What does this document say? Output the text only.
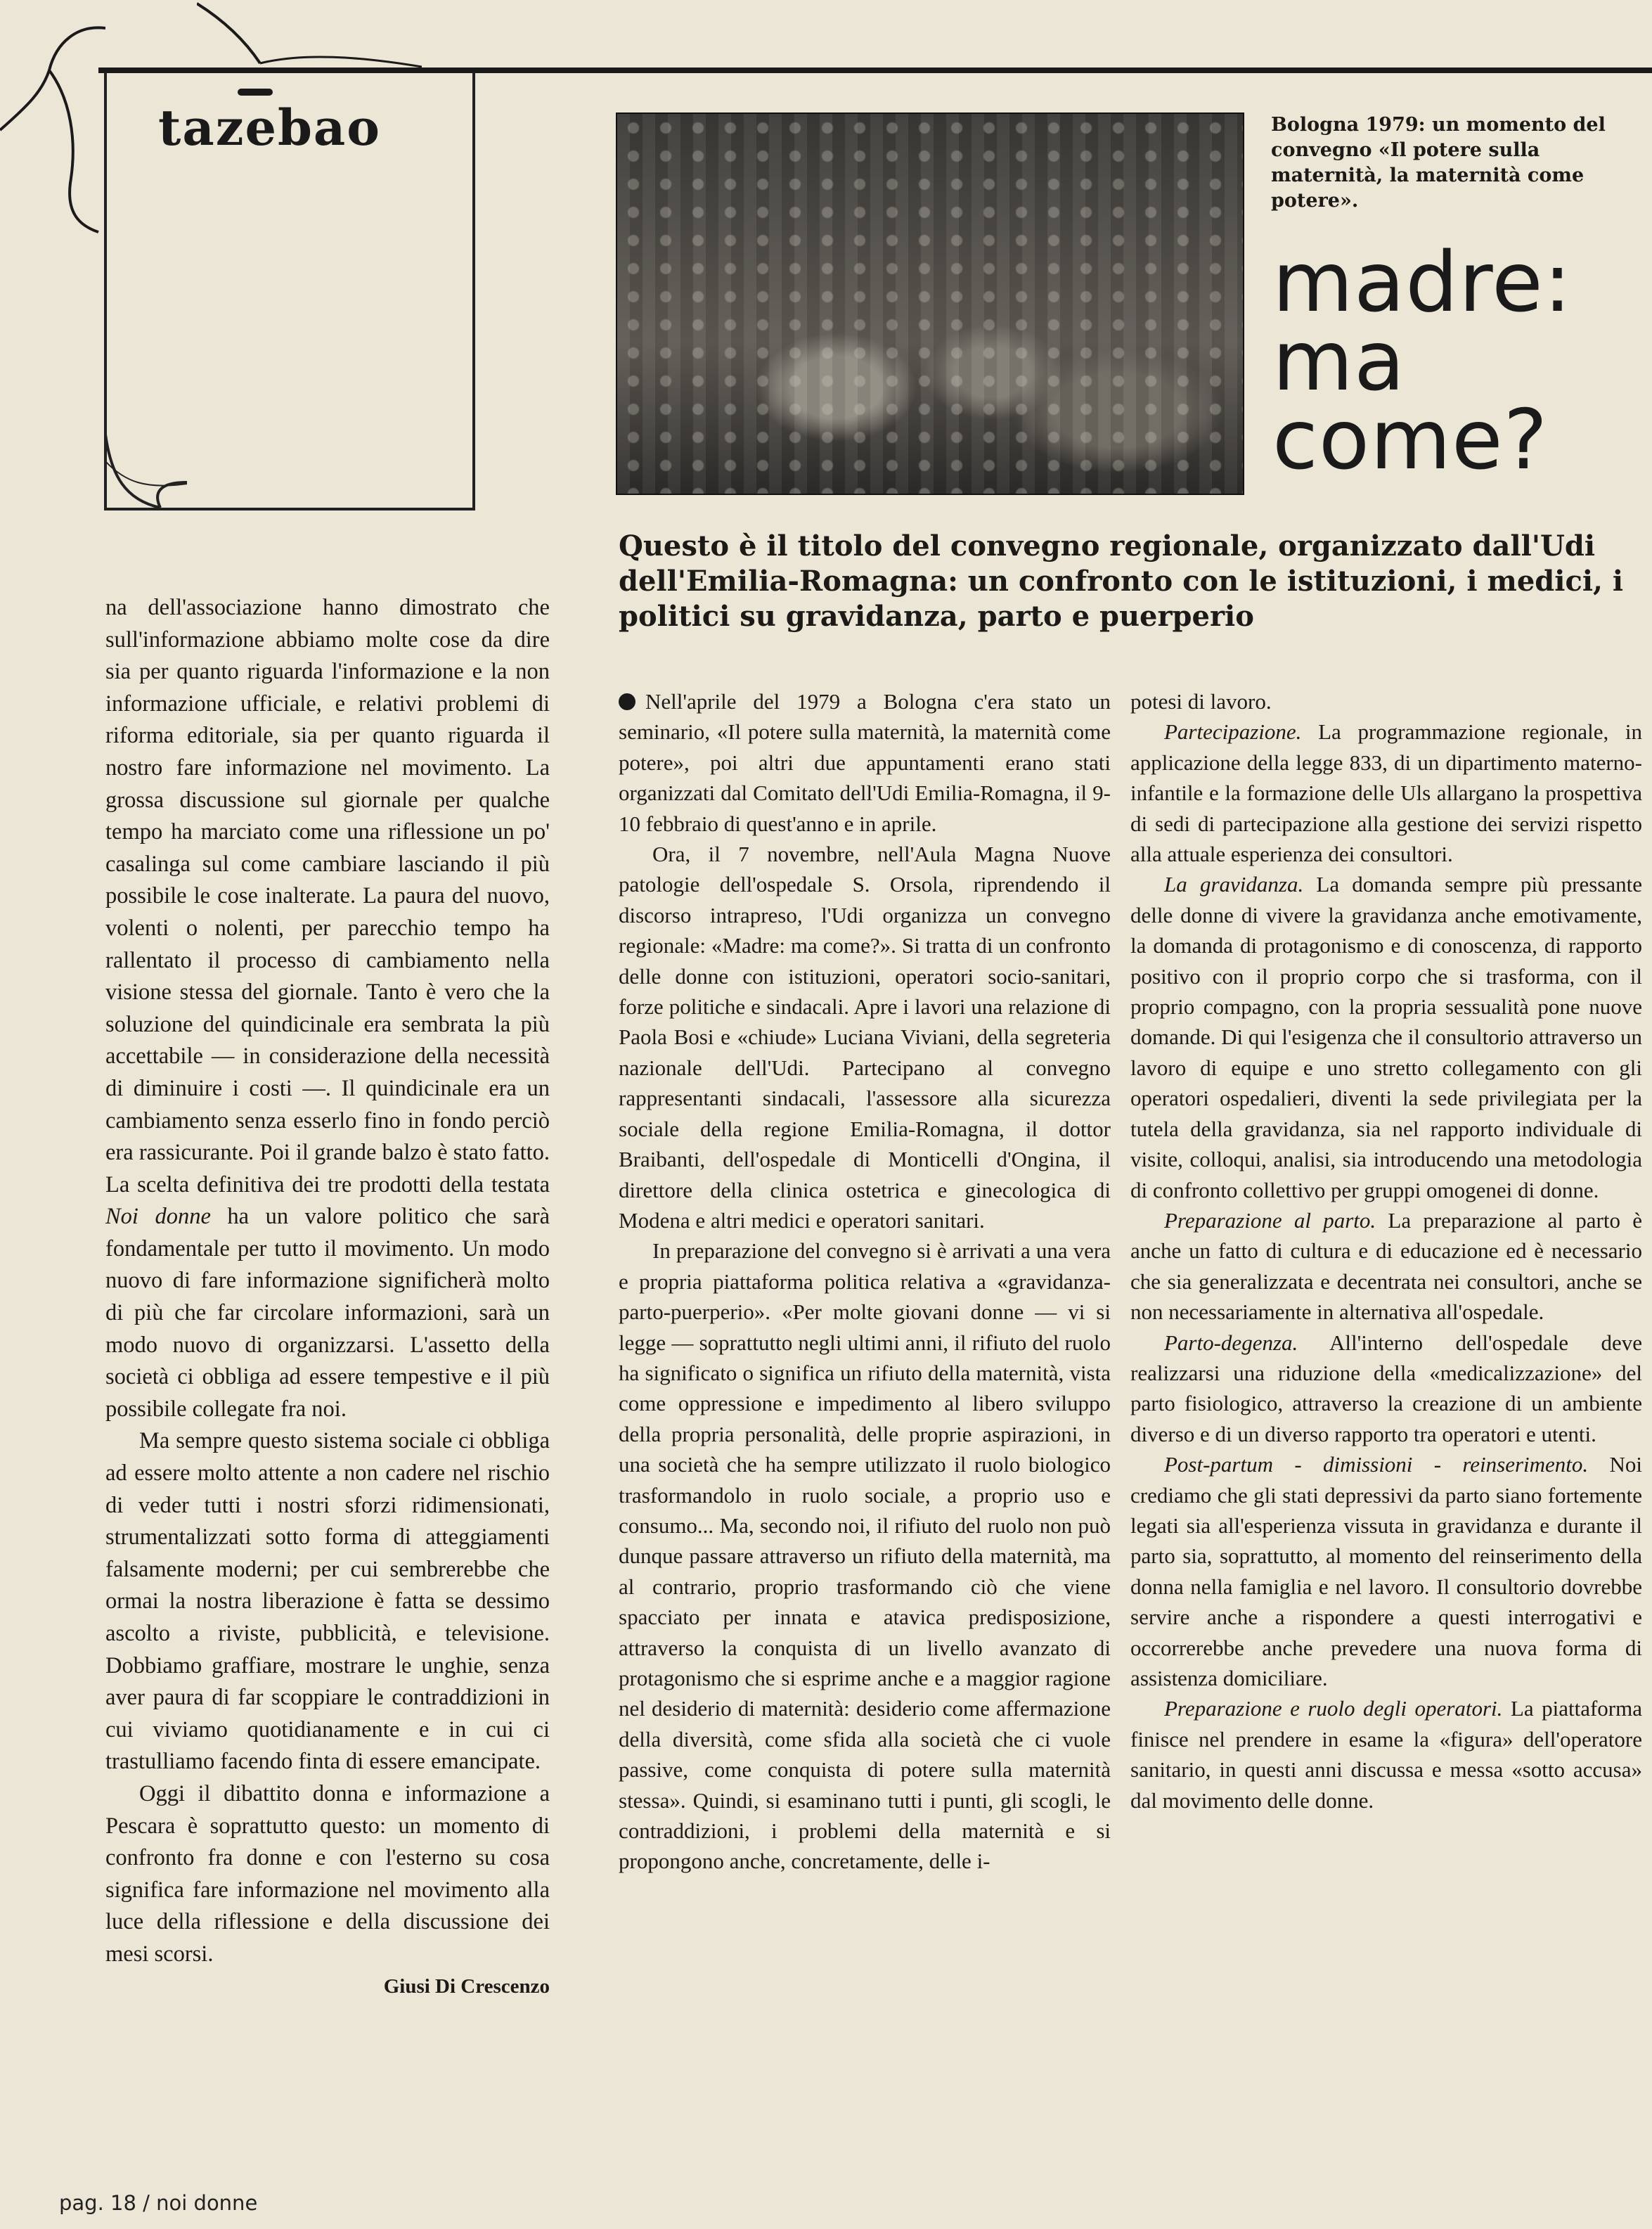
tazebao	Bologna 1979: un momento del convegno «Il potere sulla maternità, la maternità come potere».
madre:
ma
come?
Questo è il titolo del convegno regionale, organizzato dall'Udi dell'Emilia-Romagna: un confronto con le istituzioni, i medici, i politici su gravidanza, parto e puerperio

na dell'associazione hanno dimostrato che sull'informazione abbiamo molte cose da dire sia per quanto riguarda l'informazione e la non informazione ufficiale, e relativi problemi di riforma editoriale, sia per quanto riguarda il nostro fare informazione nel movimento. La grossa discussione sul giornale per qualche tempo ha marciato come una riflessione un po' casalinga sul come cambiare lasciando il più possibile le cose inalterate. La paura del nuovo, volenti o nolenti, per parecchio tempo ha rallentato il processo di cambiamento nella visione stessa del giornale. Tanto è vero che la soluzione del quindicinale era sembrata la più accettabile — in considerazione della necessità di diminuire i costi —. Il quindicinale era un cambiamento senza esserlo fino in fondo perciò era rassicurante. Poi il grande balzo è stato fatto. La scelta definitiva dei tre prodotti della testata Noi donne ha un valore politico che sarà fondamentale per tutto il movimento. Un modo nuovo di fare informazione significherà molto di più che far circolare informazioni, sarà un modo nuovo di organizzarsi. L'assetto della società ci obbliga ad essere tempestive e il più possibile collegate fra noi.

Ma sempre questo sistema sociale ci obbliga ad essere molto attente a non cadere nel rischio di veder tutti i nostri sforzi ridimensionati, strumentalizzati sotto forma di atteggiamenti falsamente moderni; per cui sembrerebbe che ormai la nostra liberazione è fatta se dessimo ascolto a riviste, pubblicità, e televisione. Dobbiamo graffiare, mostrare le unghie, senza aver paura di far scoppiare le contraddizioni in cui viviamo quotidianamente e in cui ci trastulliamo facendo finta di essere emancipate.

Oggi il dibattito donna e informazione a Pescara è soprattutto questo: un momento di confronto fra donne e con l'esterno su cosa significa fare informazione nel movimento alla luce della riflessione e della discussione dei mesi scorsi.

Giusi Di Crescenzo

Nell'aprile del 1979 a Bologna c'era stato un seminario, «Il potere sulla maternità, la maternità come potere», poi altri due appuntamenti erano stati organizzati dal Comitato dell'Udi Emilia-Romagna, il 9-10 febbraio di quest'anno e in aprile.

Ora, il 7 novembre, nell'Aula Magna Nuove patologie dell'ospedale S. Orsola, riprendendo il discorso intrapreso, l'Udi organizza un convegno regionale: «Madre: ma come?». Si tratta di un confronto delle donne con istituzioni, operatori socio-sanitari, forze politiche e sindacali. Apre i lavori una relazione di Paola Bosi e «chiude» Luciana Viviani, della segreteria nazionale dell'Udi. Partecipano al convegno rappresentanti sindacali, l'assessore alla sicurezza sociale della regione Emilia-Romagna, il dottor Braibanti, dell'ospedale di Monticelli d'Ongina, il direttore della clinica ostetrica e ginecologica di Modena e altri medici e operatori sanitari.

In preparazione del convegno si è arrivati a una vera e propria piattaforma politica relativa a «gravidanza-parto-puerperio». «Per molte giovani donne — vi si legge — soprattutto negli ultimi anni, il rifiuto del ruolo ha significato o significa un rifiuto della maternità, vista come oppressione e impedimento al libero sviluppo della propria personalità, delle proprie aspirazioni, in una società che ha sempre utilizzato il ruolo biologico trasformandolo in ruolo sociale, a proprio uso e consumo... Ma, secondo noi, il rifiuto del ruolo non può dunque passare attraverso un rifiuto della maternità, ma al contrario, proprio trasformando ciò che viene spacciato per innata e atavica predisposizione, attraverso la conquista di un livello avanzato di protagonismo che si esprime anche e a maggior ragione nel desiderio di maternità: desiderio come affermazione della diversità, come sfida alla società che ci vuole passive, come conquista di potere sulla maternità stessa». Quindi, si esaminano tutti i punti, gli scogli, le contraddizioni, i problemi della maternità e si propongono anche, concretamente, delle i-

potesi di lavoro.

Partecipazione. La programmazione regionale, in applicazione della legge 833, di un dipartimento materno-infantile e la formazione delle Uls allargano la prospettiva di sedi di partecipazione alla gestione dei servizi rispetto alla attuale esperienza dei consultori.

La gravidanza. La domanda sempre più pressante delle donne di vivere la gravidanza anche emotivamente, la domanda di protagonismo e di conoscenza, di rapporto positivo con il proprio corpo che si trasforma, con il proprio compagno, con la propria sessualità pone nuove domande. Di qui l'esigenza che il consultorio attraverso un lavoro di equipe e uno stretto collegamento con gli operatori ospedalieri, diventi la sede privilegiata per la tutela della gravidanza, sia nel rapporto individuale di visite, colloqui, analisi, sia introducendo una metodologia di confronto collettivo per gruppi omogenei di donne.

Preparazione al parto. La preparazione al parto è anche un fatto di cultura e di educazione ed è necessario che sia generalizzata e decentrata nei consultori, anche se non necessariamente in alternativa all'ospedale.

Parto-degenza. All'interno dell'ospedale deve realizzarsi una riduzione della «medicalizzazione» del parto fisiologico, attraverso la creazione di un ambiente diverso e di un diverso rapporto tra operatori e utenti.

Post-partum - dimissioni - reinserimento. Noi crediamo che gli stati depressivi da parto siano fortemente legati sia all'esperienza vissuta in gravidanza e durante il parto sia, soprattutto, al momento del reinserimento della donna nella famiglia e nel lavoro. Il consultorio dovrebbe servire anche a rispondere a questi interrogativi e occorrerebbe anche prevedere una nuova forma di assistenza domiciliare.

Preparazione e ruolo degli operatori. La piattaforma finisce nel prendere in esame la «figura» dell'operatore sanitario, in questi anni discussa e messa «sotto accusa» dal movimento delle donne.

pag. 18 / noi donne
